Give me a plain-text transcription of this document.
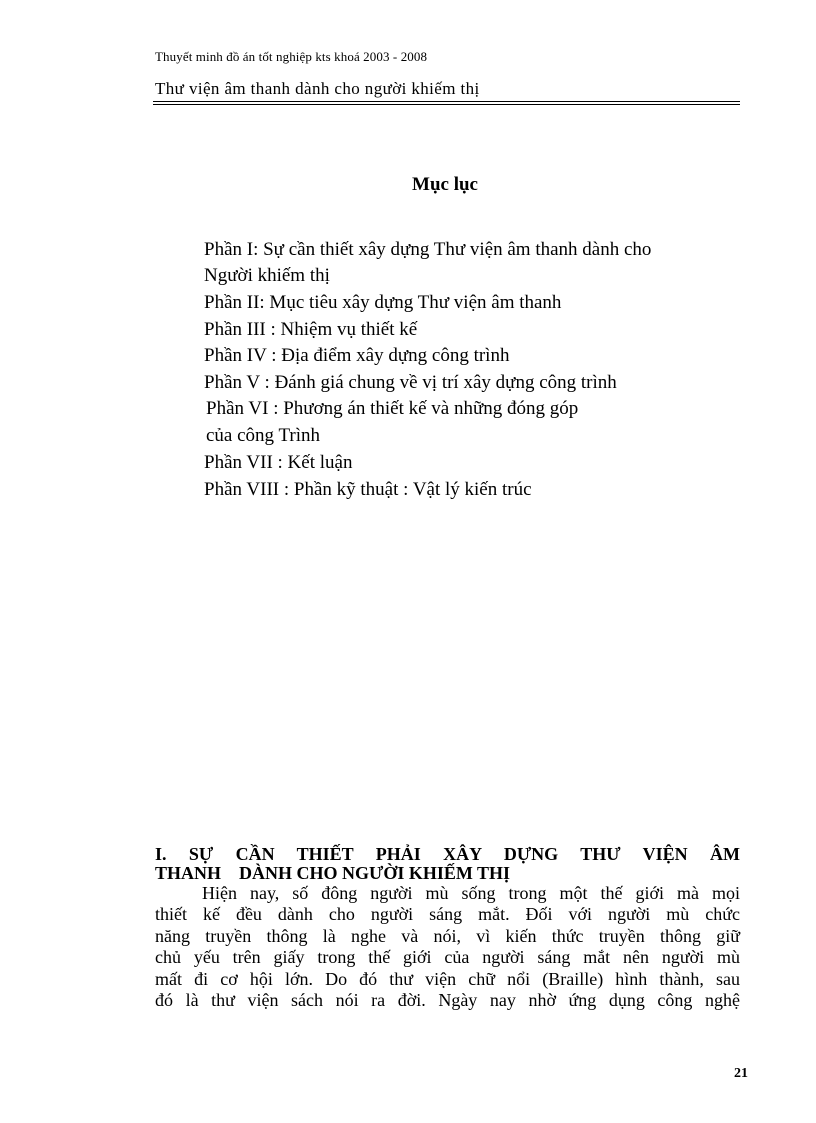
Thuyết minh đồ án tốt nghiệp kts khoá 2003 - 2008
Thư viện âm thanh dành cho người khiếm thị
Mục lục
Phần I: Sự cần thiết xây dựng Thư viện âm thanh dành cho
Người khiếm thị
Phần II: Mục tiêu xây dựng Thư viện âm thanh
Phần III : Nhiệm vụ thiết kế
Phần IV : Địa điểm xây dựng công trình
Phần V : Đánh giá chung về vị trí xây dựng công trình
Phần VI : Phương án thiết kế và những đóng góp
của công Trình
Phần VII : Kết luận
Phần VIII : Phần kỹ thuật : Vật lý kiến trúc
I. SỰ CẦN THIẾT PHẢI XÂY DỰNG THƯ VIỆN ÂM
THANH    DÀNH CHO NGƯỜI KHIẾM THỊ
Hiện nay, số đông người mù sống trong một thế giới mà mọi
thiết kế đều dành cho người sáng mắt. Đối với người mù chức
năng truyền thông là nghe và nói, vì kiến thức truyền thông giữ
chủ yếu trên giấy trong thế giới của người sáng mắt nên người mù
mất đi cơ hội lớn. Do đó thư viện chữ nổi (Braille) hình thành, sau
đó là thư viện sách nói ra đời. Ngày nay nhờ ứng dụng công nghệ
21
